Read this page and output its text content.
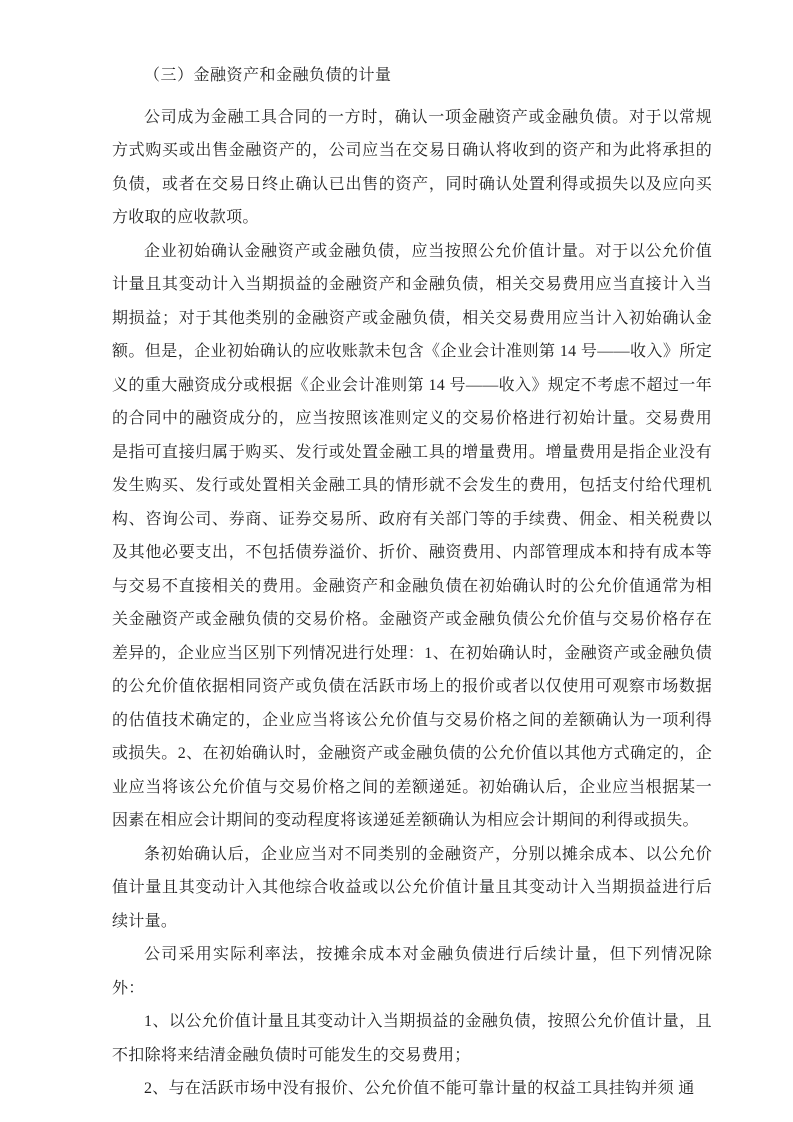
（三）金融资产和金融负债的计量

公司成为金融工具合同的一方时，确认一项金融资产或金融负债。对于以常规方式购买或出售金融资产的，公司应当在交易日确认将收到的资产和为此将承担的负债，或者在交易日终止确认已出售的资产，同时确认处置利得或损失以及应向买方收取的应收款项。

企业初始确认金融资产或金融负债，应当按照公允价值计量。对于以公允价值计量且其变动计入当期损益的金融资产和金融负债，相关交易费用应当直接计入当期损益；对于其他类别的金融资产或金融负债，相关交易费用应当计入初始确认金额。但是，企业初始确认的应收账款未包含《企业会计准则第 14 号——收入》所定义的重大融资成分或根据《企业会计准则第 14 号——收入》规定不考虑不超过一年的合同中的融资成分的，应当按照该准则定义的交易价格进行初始计量。交易费用是指可直接归属于购买、发行或处置金融工具的增量费用。增量费用是指企业没有发生购买、发行或处置相关金融工具的情形就不会发生的费用，包括支付给代理机构、咨询公司、券商、证券交易所、政府有关部门等的手续费、佣金、相关税费以及其他必要支出，不包括债券溢价、折价、融资费用、内部管理成本和持有成本等与交易不直接相关的费用。金融资产和金融负债在初始确认时的公允价值通常为相关金融资产或金融负债的交易价格。金融资产或金融负债公允价值与交易价格存在差异的，企业应当区别下列情况进行处理：1、在初始确认时，金融资产或金融负债的公允价值依据相同资产或负债在活跃市场上的报价或者以仅使用可观察市场数据的估值技术确定的，企业应当将该公允价值与交易价格之间的差额确认为一项利得或损失。2、在初始确认时，金融资产或金融负债的公允价值以其他方式确定的，企业应当将该公允价值与交易价格之间的差额递延。初始确认后，企业应当根据某一因素在相应会计期间的变动程度将该递延差额确认为相应会计期间的利得或损失。

条初始确认后，企业应当对不同类别的金融资产，分别以摊余成本、以公允价值计量且其变动计入其他综合收益或以公允价值计量且其变动计入当期损益进行后续计量。

公司采用实际利率法，按摊余成本对金融负债进行后续计量，但下列情况除 外：

1、以公允价值计量且其变动计入当期损益的金融负债，按照公允价值计量，且不扣除将来结清金融负债时可能发生的交易费用；

2、与在活跃市场中没有报价、公允价值不能可靠计量的权益工具挂钩并须 通
